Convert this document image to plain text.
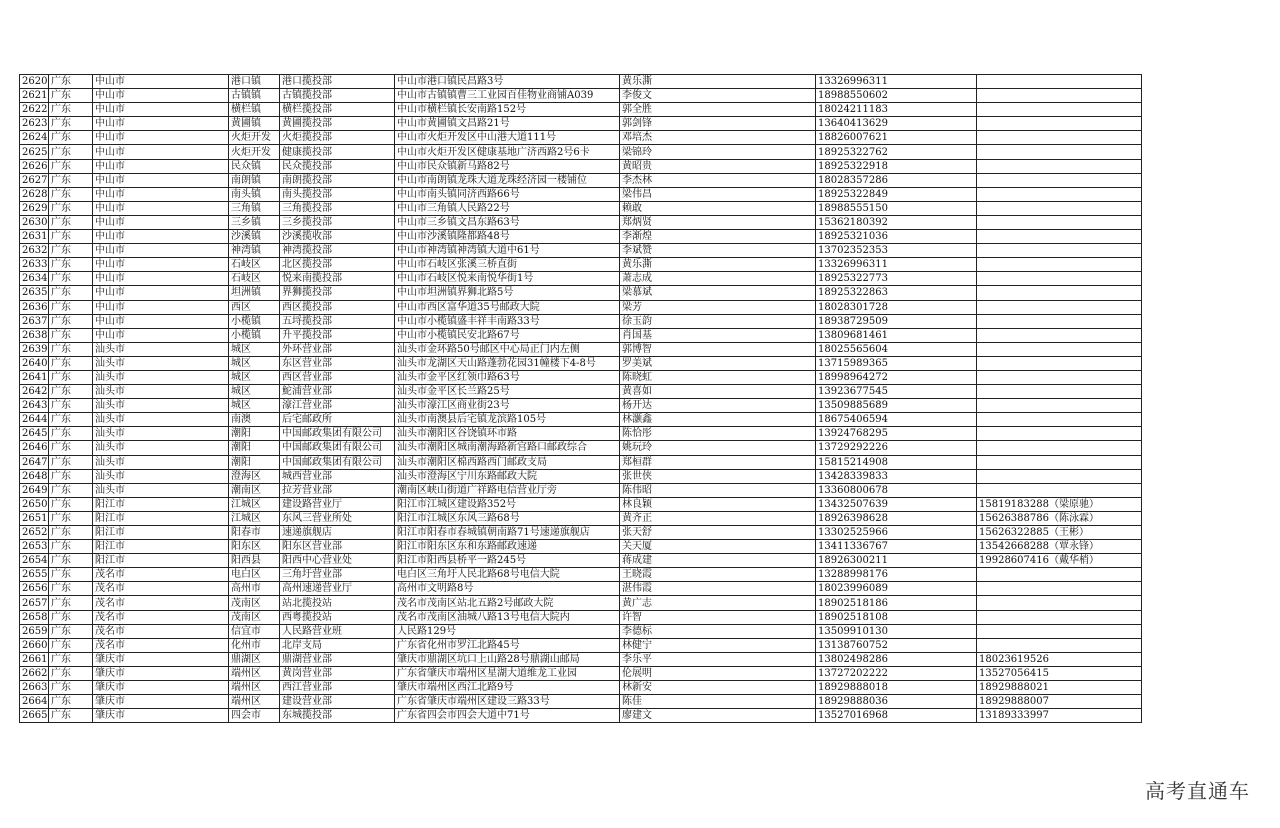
2620	广东	中山市	港口镇	港口揽投部	中山市港口镇民昌路3号	黄乐澌	13326996311	
2621	广东	中山市	古镇镇	古镇揽投部	中山市古镇镇曹三工业园百佳物业商铺A039	李俊文	18988550602	
2622	广东	中山市	横栏镇	横栏揽投部	中山市横栏镇长安南路152号	郭全胜	18024211183	
2623	广东	中山市	黄圃镇	黄圃揽投部	中山市黄圃镇文昌路21号	郭剑锋	13640413629	
2624	广东	中山市	火炬开发	火炬揽投部	中山市火炬开发区中山港大道111号	邓培杰	18826007621	
2625	广东	中山市	火炬开发	健康揽投部	中山市火炬开发区健康基地广济西路2号6卡	梁锦玲	18925322762	
2626	广东	中山市	民众镇	民众揽投部	中山市民众镇新马路82号	黄昭贵	18925322918	
2627	广东	中山市	南朗镇	南朗揽投部	中山市南朗镇龙珠大道龙珠经济园一楼铺位	李杰林	18028357286	
2628	广东	中山市	南头镇	南头揽投部	中山市南头镇同济西路66号	梁伟昌	18925322849	
2629	广东	中山市	三角镇	三角揽投部	中山市三角镇人民路22号	赖敢	18988555150	
2630	广东	中山市	三乡镇	三乡揽投部	中山市三乡镇文昌东路63号	郑炳贤	15362180392	
2631	广东	中山市	沙溪镇	沙溪揽收部	中山市沙溪镇隆都路48号	李渐煌	18925321036	
2632	广东	中山市	神湾镇	神湾揽投部	中山市神湾镇神湾镇大道中61号	李斌赞	13702352353	
2633	广东	中山市	石岐区	北区揽投部	中山市石岐区张溪三桥直街	黄乐澌	13326996311	
2634	广东	中山市	石岐区	悦来南揽投部	中山市石岐区悦来南悦华街1号	萧志成	18925322773	
2635	广东	中山市	坦洲镇	界狮揽投部	中山市坦洲镇界狮北路5号	梁慕斌	18925322863	
2636	广东	中山市	西区	西区揽投部	中山市西区富华道35号邮政大院	梁芳	18028301728	
2637	广东	中山市	小榄镇	五埒揽投部	中山市小榄镇盛丰祥丰南路33号	徐玉韵	18938729509	
2638	广东	中山市	小榄镇	升平揽投部	中山市小榄镇民安北路67号	肖国基	13809681461	
2639	广东	汕头市	城区	外环营业部	汕头市金环路50号邮区中心局正门内左侧	郭博智	18025565604	
2640	广东	汕头市	城区	东区营业部	汕头市龙湖区天山路蓬勃花园31幢楼下4-8号	罗美斌	13715989365	
2641	广东	汕头市	城区	西区营业部	汕头市金平区红领巾路63号	陈晓虹	18998964272	
2642	广东	汕头市	城区	鮀浦营业部	汕头市金平区长兰路25号	黄喜如	13923677545	
2643	广东	汕头市	城区	濠江营业部	汕头市濠江区商业街23号	杨开达	13509885689	
2644	广东	汕头市	南澳	后宅邮政所	汕头市南澳县后宅镇龙滨路105号	林灏鑫	18675406594	
2645	广东	汕头市	潮阳	中国邮政集团有限公司	汕头市潮阳区谷饶镇环市路	陈恰彤	13924768295	
2646	广东	汕头市	潮阳	中国邮政集团有限公司	汕头市潮阳区城南潮海路新宫路口邮政综合	姚玩玲	13729292226	
2647	广东	汕头市	潮阳	中国邮政集团有限公司	汕头市潮阳区棉西路西门邮政支局	郑桓群	15815214908	
2648	广东	汕头市	澄海区	城西营业部	汕头市澄海区宁川东路邮政大院	张世侠	13428339833	
2649	广东	汕头市	潮南区	拉芳营业部	潮南区峡山街道广祥路电信营业厅旁	陈伟昭	13360800678	
2650	广东	阳江市	江城区	建设路营业厅	阳江市江城区建设路352号	林良颖	13432507639	15819183288（梁原驰）
2651	广东	阳江市	江城区	东风三营业所处	阳江市江城区东风三路68号	黄齐正	18926398628	15626388786（陈泳霖）
2652	广东	阳江市	阳春市	速递旗舰店	阳江市阳春市春城镇朝南路71号速递旗舰店	张天舒	13302525966	15626322885（王彬）
2653	广东	阳江市	阳东区	阳东区营业部	阳江市阳东区东和东路邮政速递	关天厦	13411336767	13542668288（覃永锋）
2654	广东	阳江市	阳西县	阳西中心营业处	阳江市阳西县桥平一路245号	蒋成建	18926300211	19928607416（戴华梢）
2655	广东	茂名市	电白区	三角圩营业部	电白区三角圩人民北路68号电信大院	王晓霞	13288998176	
2656	广东	茂名市	高州市	高州速递营业厅	高州市文明路8号	湛伟霞	18023996089	
2657	广东	茂名市	茂南区	站北揽投站	茂名市茂南区站北五路2号邮政大院	黄广志	18902518186	
2658	广东	茂名市	茂南区	西粤揽投站	茂名市茂南区油城八路13号电信大院内	许智	18902518108	
2659	广东	茂名市	信宜市	人民路营业班	人民路129号	李德标	13509910130	
2660	广东	茂名市	化州市	北岸支局	广东省化州市罗江北路45号	林健宁	13138760752	
2661	广东	肇庆市	鼎湖区	鼎湖营业部	肇庆市鼎湖区坑口上山路28号鼎湖山邮局	李乐平	13802498286	18023619526
2662	广东	肇庆市	端州区	黄岗营业部	广东省肇庆市端州区星湖大道维龙工业园	伦展明	13727202222	13527056415
2663	广东	肇庆市	端州区	西江营业部	肇庆市端州区西江北路9号	林新安	18929888018	18929888021
2664	广东	肇庆市	端州区	建设营业部	广东省肇庆市端州区建设三路33号	陈佳	18929888036	18929888007
2665	广东	肇庆市	四会市	东城揽投部	广东省四会市四会大道中71号	廖建文	13527016968	13189333997
高考直通车
